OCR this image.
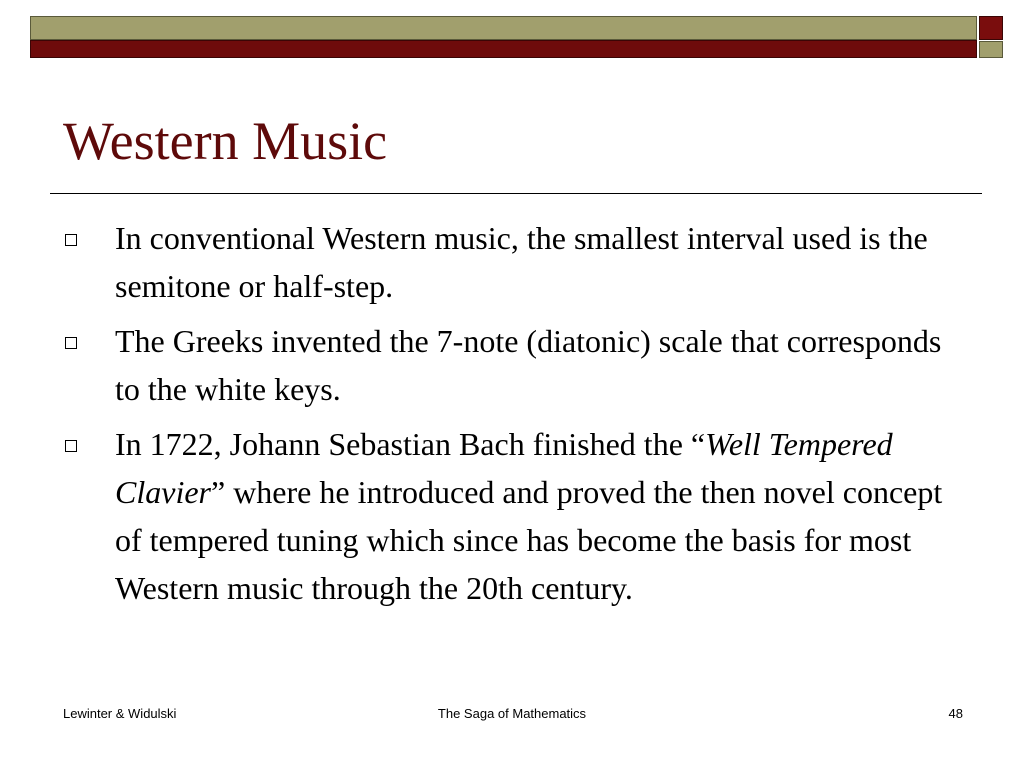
Western Music
In conventional Western music, the smallest interval used is the semitone or half-step.
The Greeks invented the 7-note (diatonic) scale that corresponds to the white keys.
In 1722, Johann Sebastian Bach finished the “Well Tempered Clavier” where he introduced and proved the then novel concept of tempered tuning which since has become the basis for most Western music through the 20th century.
Lewinter & Widulski	The Saga of Mathematics	48
